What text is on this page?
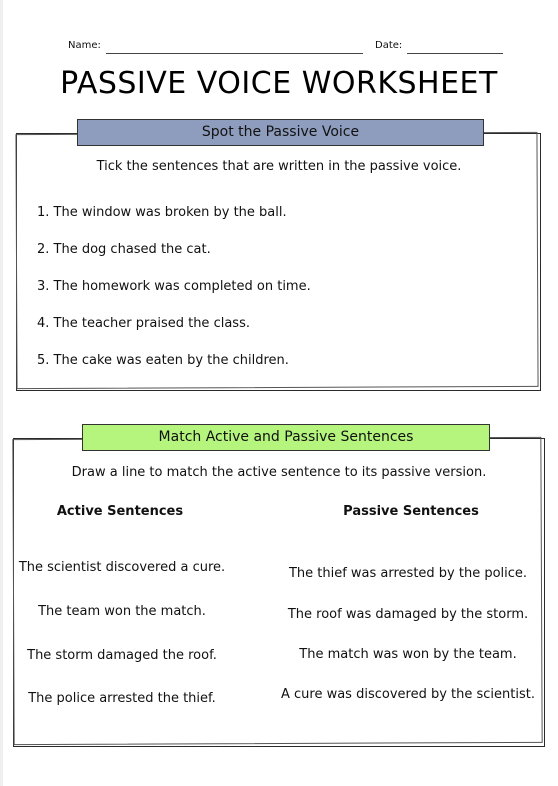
Name:	Date:
PASSIVE VOICE WORKSHEET
Spot the Passive Voice
Tick the sentences that are written in the passive voice.
1. The window was broken by the ball.
2. The dog chased the cat.
3. The homework was completed on time.
4. The teacher praised the class.
5. The cake was eaten by the children.
Match Active and Passive Sentences
Draw a line to match the active sentence to its passive version.
Active Sentences	Passive Sentences
The scientist discovered a cure.
The team won the match.
The storm damaged the roof.
The police arrested the thief.
The thief was arrested by the police.
The roof was damaged by the storm.
The match was won by the team.
A cure was discovered by the scientist.
